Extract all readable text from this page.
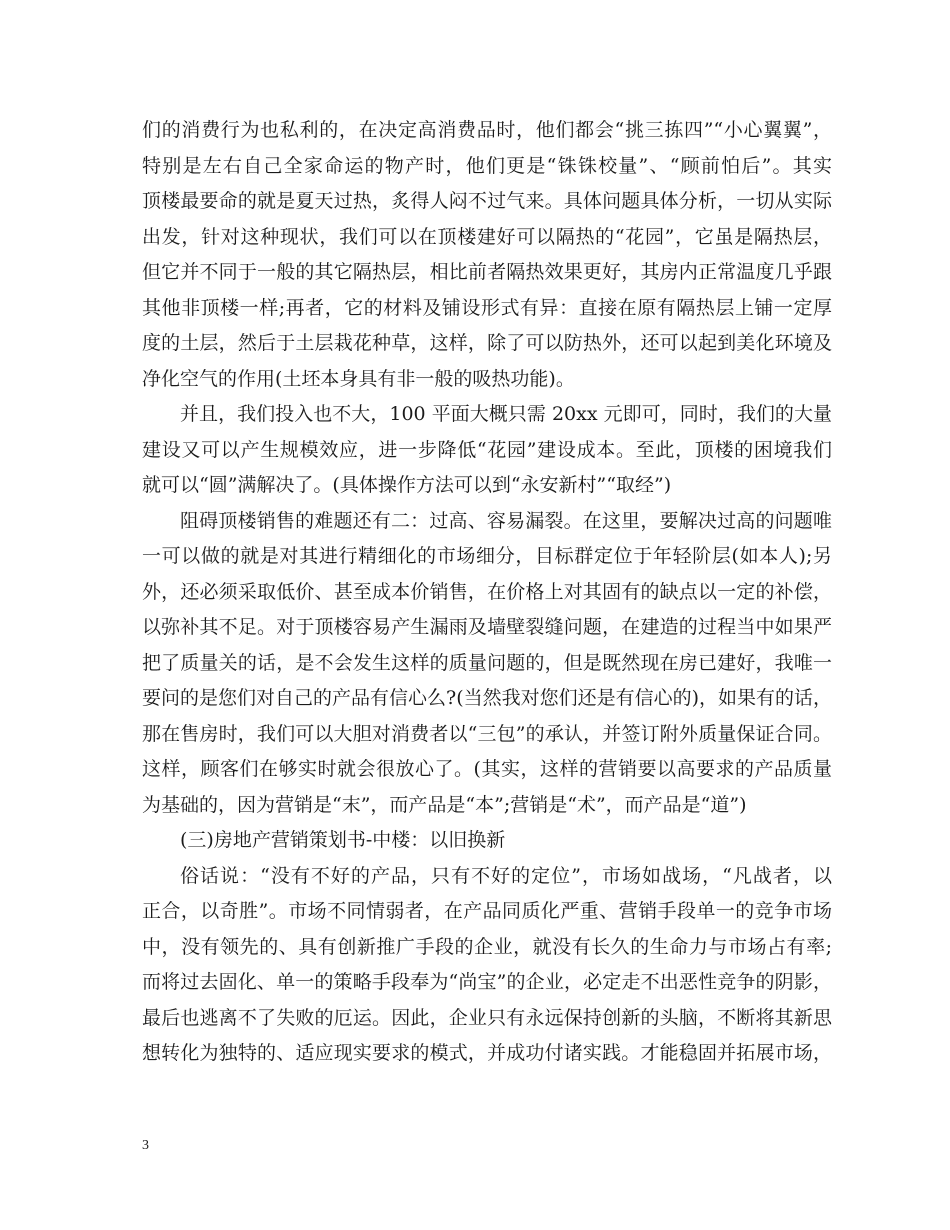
们的消费行为也私利的，在决定高消费品时，他们都会“挑三拣四”“小心翼翼”，
特别是左右自己全家命运的物产时，他们更是“铢铢校量”、“顾前怕后”。其实
顶楼最要命的就是夏天过热，炙得人闷不过气来。具体问题具体分析，一切从实际
出发，针对这种现状，我们可以在顶楼建好可以隔热的“花园”，它虽是隔热层，
但它并不同于一般的其它隔热层，相比前者隔热效果更好，其房内正常温度几乎跟
其他非顶楼一样;再者，它的材料及铺设形式有异：直接在原有隔热层上铺一定厚
度的土层，然后于土层栽花种草，这样，除了可以防热外，还可以起到美化环境及
净化空气的作用(土坯本身具有非一般的吸热功能)。
并且，我们投入也不大，100 平面大概只需 20xx 元即可，同时，我们的大量
建设又可以产生规模效应，进一步降低“花园”建设成本。至此，顶楼的困境我们
就可以“圆”满解决了。(具体操作方法可以到“永安新村”“取经”)
阻碍顶楼销售的难题还有二：过高、容易漏裂。在这里，要解决过高的问题唯
一可以做的就是对其进行精细化的市场细分，目标群定位于年轻阶层(如本人);另
外，还必须采取低价、甚至成本价销售，在价格上对其固有的缺点以一定的补偿，
以弥补其不足。对于顶楼容易产生漏雨及墙壁裂缝问题，在建造的过程当中如果严
把了质量关的话，是不会发生这样的质量问题的，但是既然现在房已建好，我唯一
要问的是您们对自己的产品有信心么?(当然我对您们还是有信心的)，如果有的话，
那在售房时，我们可以大胆对消费者以“三包”的承认，并签订附外质量保证合同。
这样，顾客们在够实时就会很放心了。(其实，这样的营销要以高要求的产品质量
为基础的，因为营销是“末”，而产品是“本”;营销是“术”，而产品是“道”)
(三)房地产营销策划书-中楼：以旧换新
俗话说：“没有不好的产品，只有不好的定位”，市场如战场，“凡战者，以
正合，以奇胜”。市场不同情弱者，在产品同质化严重、营销手段单一的竞争市场
中，没有领先的、具有创新推广手段的企业，就没有长久的生命力与市场占有率;
而将过去固化、单一的策略手段奉为“尚宝”的企业，必定走不出恶性竞争的阴影，
最后也逃离不了失败的厄运。因此，企业只有永远保持创新的头脑，不断将其新思
想转化为独特的、适应现实要求的模式，并成功付诸实践。才能稳固并拓展市场，
3
